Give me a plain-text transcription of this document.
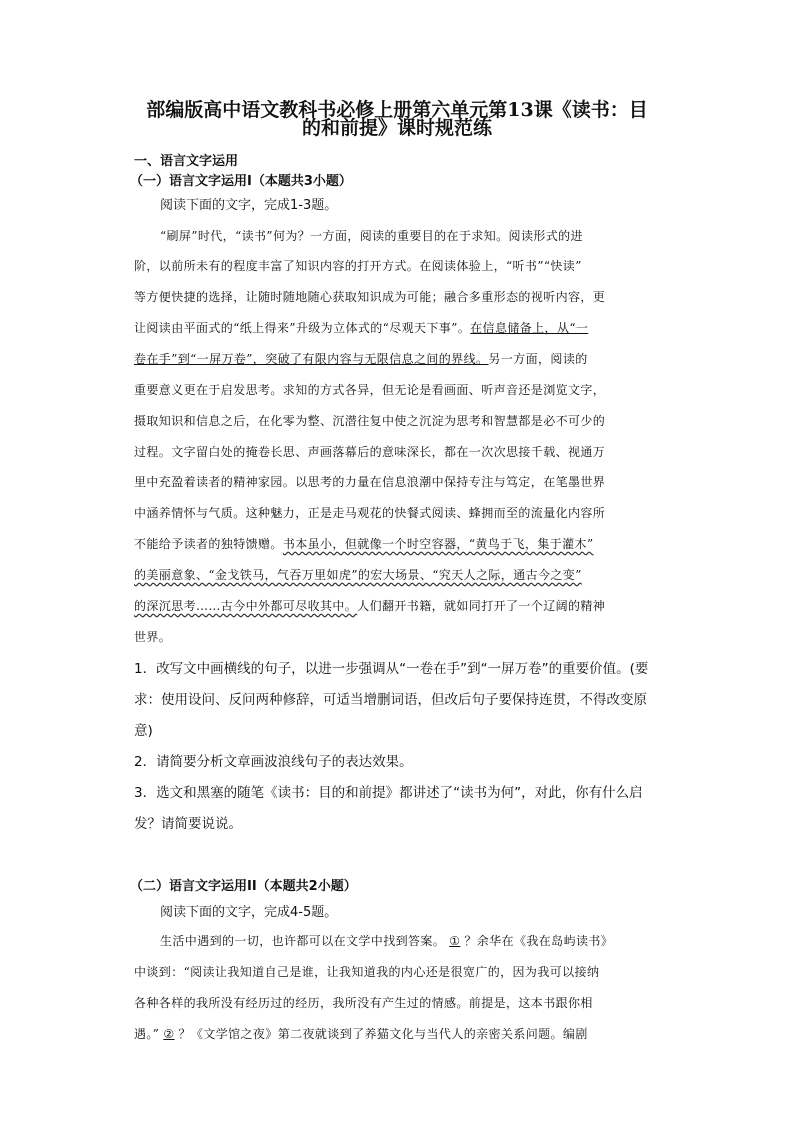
部编版高中语文教科书必修上册第六单元第13课《读书：目
的和前提》课时规范练
一、语言文字运用
（一）语言文字运用Ⅰ（本题共3小题）
阅读下面的文字，完成1-3题。
“刷屏”时代，“读书”何为？一方面，阅读的重要目的在于求知。阅读形式的进
阶，以前所未有的程度丰富了知识内容的打开方式。在阅读体验上，“听书”“快读”
等方便快捷的选择，让随时随地随心获取知识成为可能；融合多重形态的视听内容，更
让阅读由平面式的“纸上得来”升级为立体式的“尽观天下事”。在信息储备上，从“一
卷在手”到“一屏万卷”，突破了有限内容与无限信息之间的界线。另一方面，阅读的
重要意义更在于启发思考。求知的方式各异，但无论是看画面、听声音还是浏览文字，
摄取知识和信息之后，在化零为整、沉潜往复中使之沉淀为思考和智慧都是必不可少的
过程。文字留白处的掩卷长思、声画落幕后的意味深长，都在一次次思接千载、视通万
里中充盈着读者的精神家园。以思考的力量在信息浪潮中保持专注与笃定，在笔墨世界
中涵养情怀与气质。这种魅力，正是走马观花的快餐式阅读、蜂拥而至的流量化内容所
不能给予读者的独特馈赠。书本虽小，但就像一个时空容器，“黄鸟于飞，集于灌木”
的美丽意象、“金戈铁马，气吞万里如虎”的宏大场景、“究天人之际，通古今之变”
的深沉思考……古今中外都可尽收其中。人们翻开书籍，就如同打开了一个辽阔的精神
世界。
1．改写文中画横线的句子，以进一步强调从“一卷在手”到“一屏万卷”的重要价值。(要
求：使用设问、反问两种修辞，可适当增删词语，但改后句子要保持连贯，不得改变原
意)
2．请简要分析文章画波浪线句子的表达效果。
3．选文和黑塞的随笔《读书：目的和前提》都讲述了“读书为何”，对此，你有什么启
发？请简要说说。
（二）语言文字运用II（本题共2小题）
阅读下面的文字，完成4-5题。
生活中遇到的一切，也许都可以在文学中找到答案。 ① ？余华在《我在岛屿读书》
中谈到：“阅读让我知道自己是谁，让我知道我的内心还是很宽广的，因为我可以接纳
各种各样的我所没有经历过的经历，我所没有产生过的情感。前提是，这本书跟你相
遇。” ② ？《文学馆之夜》第二夜就谈到了养猫文化与当代人的亲密关系问题。编剧
